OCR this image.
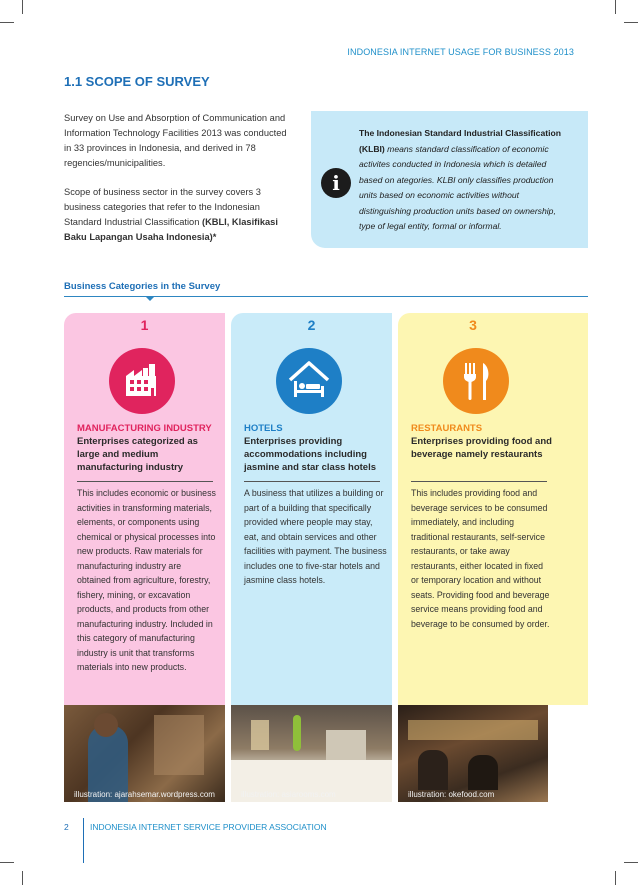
INDONESIA INTERNET USAGE FOR BUSINESS 2013
1.1 SCOPE OF SURVEY

Survey on Use and Absorption of Communication and Information Technology Facilities 2013 was conducted in 33 provinces in Indonesia, and derived in 78 regencies/municipalities.

Scope of business sector in the survey covers 3 business categories that refer to the Indonesian Standard Industrial Classification (KBLI, Klasifikasi Baku Lapangan Usaha Indonesia)*

i
The Indonesian Standard Industrial Classification (KLBI) means standard classification of economic activites conducted in Indonesia which is detailed based on ategories. KLBI only classifies production units based on economic activities without distinguishing production units based on ownership, type of legal entity, formal or informal.
Business Categories in the Survey
1
MANUFACTURING INDUSTRY
Enterprises categorized as large and medium manufacturing industry
This includes economic or business activities in transforming materials, elements, or components using chemical or physical processes into new products. Raw materials for manufacturing industry are obtained from agriculture, forestry, fishery, mining, or excavation products, and products from other manufacturing industry. Included in this category of manufacturing industry is unit that transforms materials into new products.
2
HOTELS
Enterprises providing accommodations including jasmine and star class hotels
A business that utilizes a building or part of a building that specifically provided where people may stay, eat, and obtain services and other facilities with payment. The business includes one to five-star hotels and jasmine class hotels.
3
RESTAURANTS
Enterprises providing food and beverage namely restaurants
This includes providing food and beverage services to be consumed immediately, and including traditional restaurants, self-service restaurants, or take away restaurants, either located in fixed or temporary location and without seats. Providing food and beverage service means providing food and beverage to be consumed by order.
illustration: ajarahsemar.wordpress.com	illustration: asiarooms.com	illustration: okefood.com
2	INDONESIA INTERNET SERVICE PROVIDER ASSOCIATION
